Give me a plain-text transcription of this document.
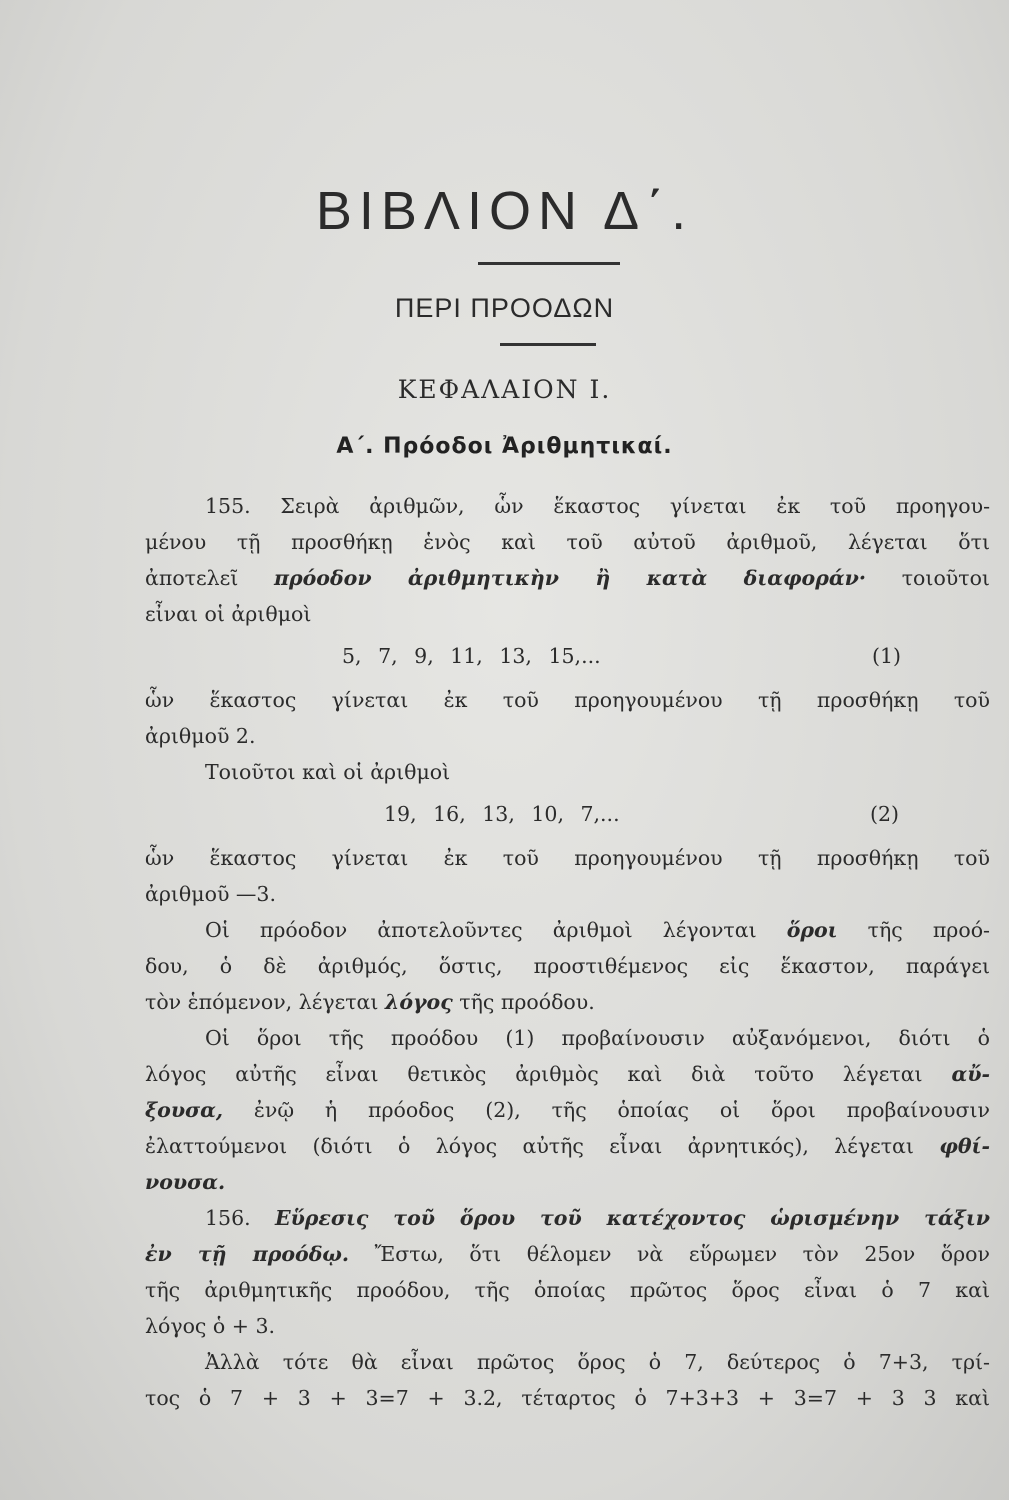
ΒΙΒΛΙΟΝ Δ΄.
ΠΕΡΙ ΠΡΟΟΔΩΝ
ΚΕΦΑΛΑΙΟΝ Ι.
Α΄. Πρόοδοι Ἀριθμητικαί.
155. Σειρὰ ἀριθμῶν, ὧν ἕκαστος γίνεται ἐκ τοῦ προηγου-
μένου τῇ προσθήκῃ ἑνὸς καὶ τοῦ αὐτοῦ ἀριθμοῦ, λέγεται ὅτι
ἀποτελεῖ πρόοδον ἀριθμητικὴν ἢ κατὰ διαφοράν· τοιοῦτοι
εἶναι οἱ ἀριθμοὶ
ὧν ἕκαστος γίνεται ἐκ τοῦ προηγουμένου τῇ προσθήκῃ τοῦ
ἀριθμοῦ 2.
Τοιοῦτοι καὶ οἱ ἀριθμοὶ
ὧν ἕκαστος γίνεται ἐκ τοῦ προηγουμένου τῇ προσθήκῃ τοῦ
ἀριθμοῦ —3.
Οἱ πρόοδον ἀποτελοῦντες ἀριθμοὶ λέγονται ὅροι τῆς προό-
δου, ὁ δὲ ἀριθμός, ὅστις, προστιθέμενος εἰς ἕκαστον, παράγει
τὸν ἑπόμενον, λέγεται λόγος τῆς προόδου.
Οἱ ὅροι τῆς προόδου (1) προβαίνουσιν αὐξανόμενοι, διότι ὁ
λόγος αὐτῆς εἶναι θετικὸς ἀριθμὸς καὶ διὰ τοῦτο λέγεται αὔ-
ξουσα, ἐνῷ ἡ πρόοδος (2), τῆς ὁποίας οἱ ὅροι προβαίνουσιν
ἐλαττούμενοι (διότι ὁ λόγος αὐτῆς εἶναι ἀρνητικός), λέγεται φθί-
νουσα.
156. Εὕρεσις τοῦ ὅρου τοῦ κατέχοντος ὡρισμένην τάξιν
ἐν τῇ προόδῳ. Ἔστω, ὅτι θέλομεν νὰ εὕρωμεν τὸν 25ον ὅρον
τῆς ἀριθμητικῆς προόδου, τῆς ὁποίας πρῶτος ὅρος εἶναι ὁ 7 καὶ
λόγος ὁ + 3.
Ἀλλὰ τότε θὰ εἶναι πρῶτος ὅρος ὁ 7, δεύτερος ὁ 7+3, τρί-
τος ὁ 7 + 3 + 3=7 + 3.2, τέταρτος ὁ 7+3+3 + 3=7 + 3 3 καὶ
5, 7, 9, 11, 13, 15,...	(1)
19, 16, 13, 10, 7,...	(2)
